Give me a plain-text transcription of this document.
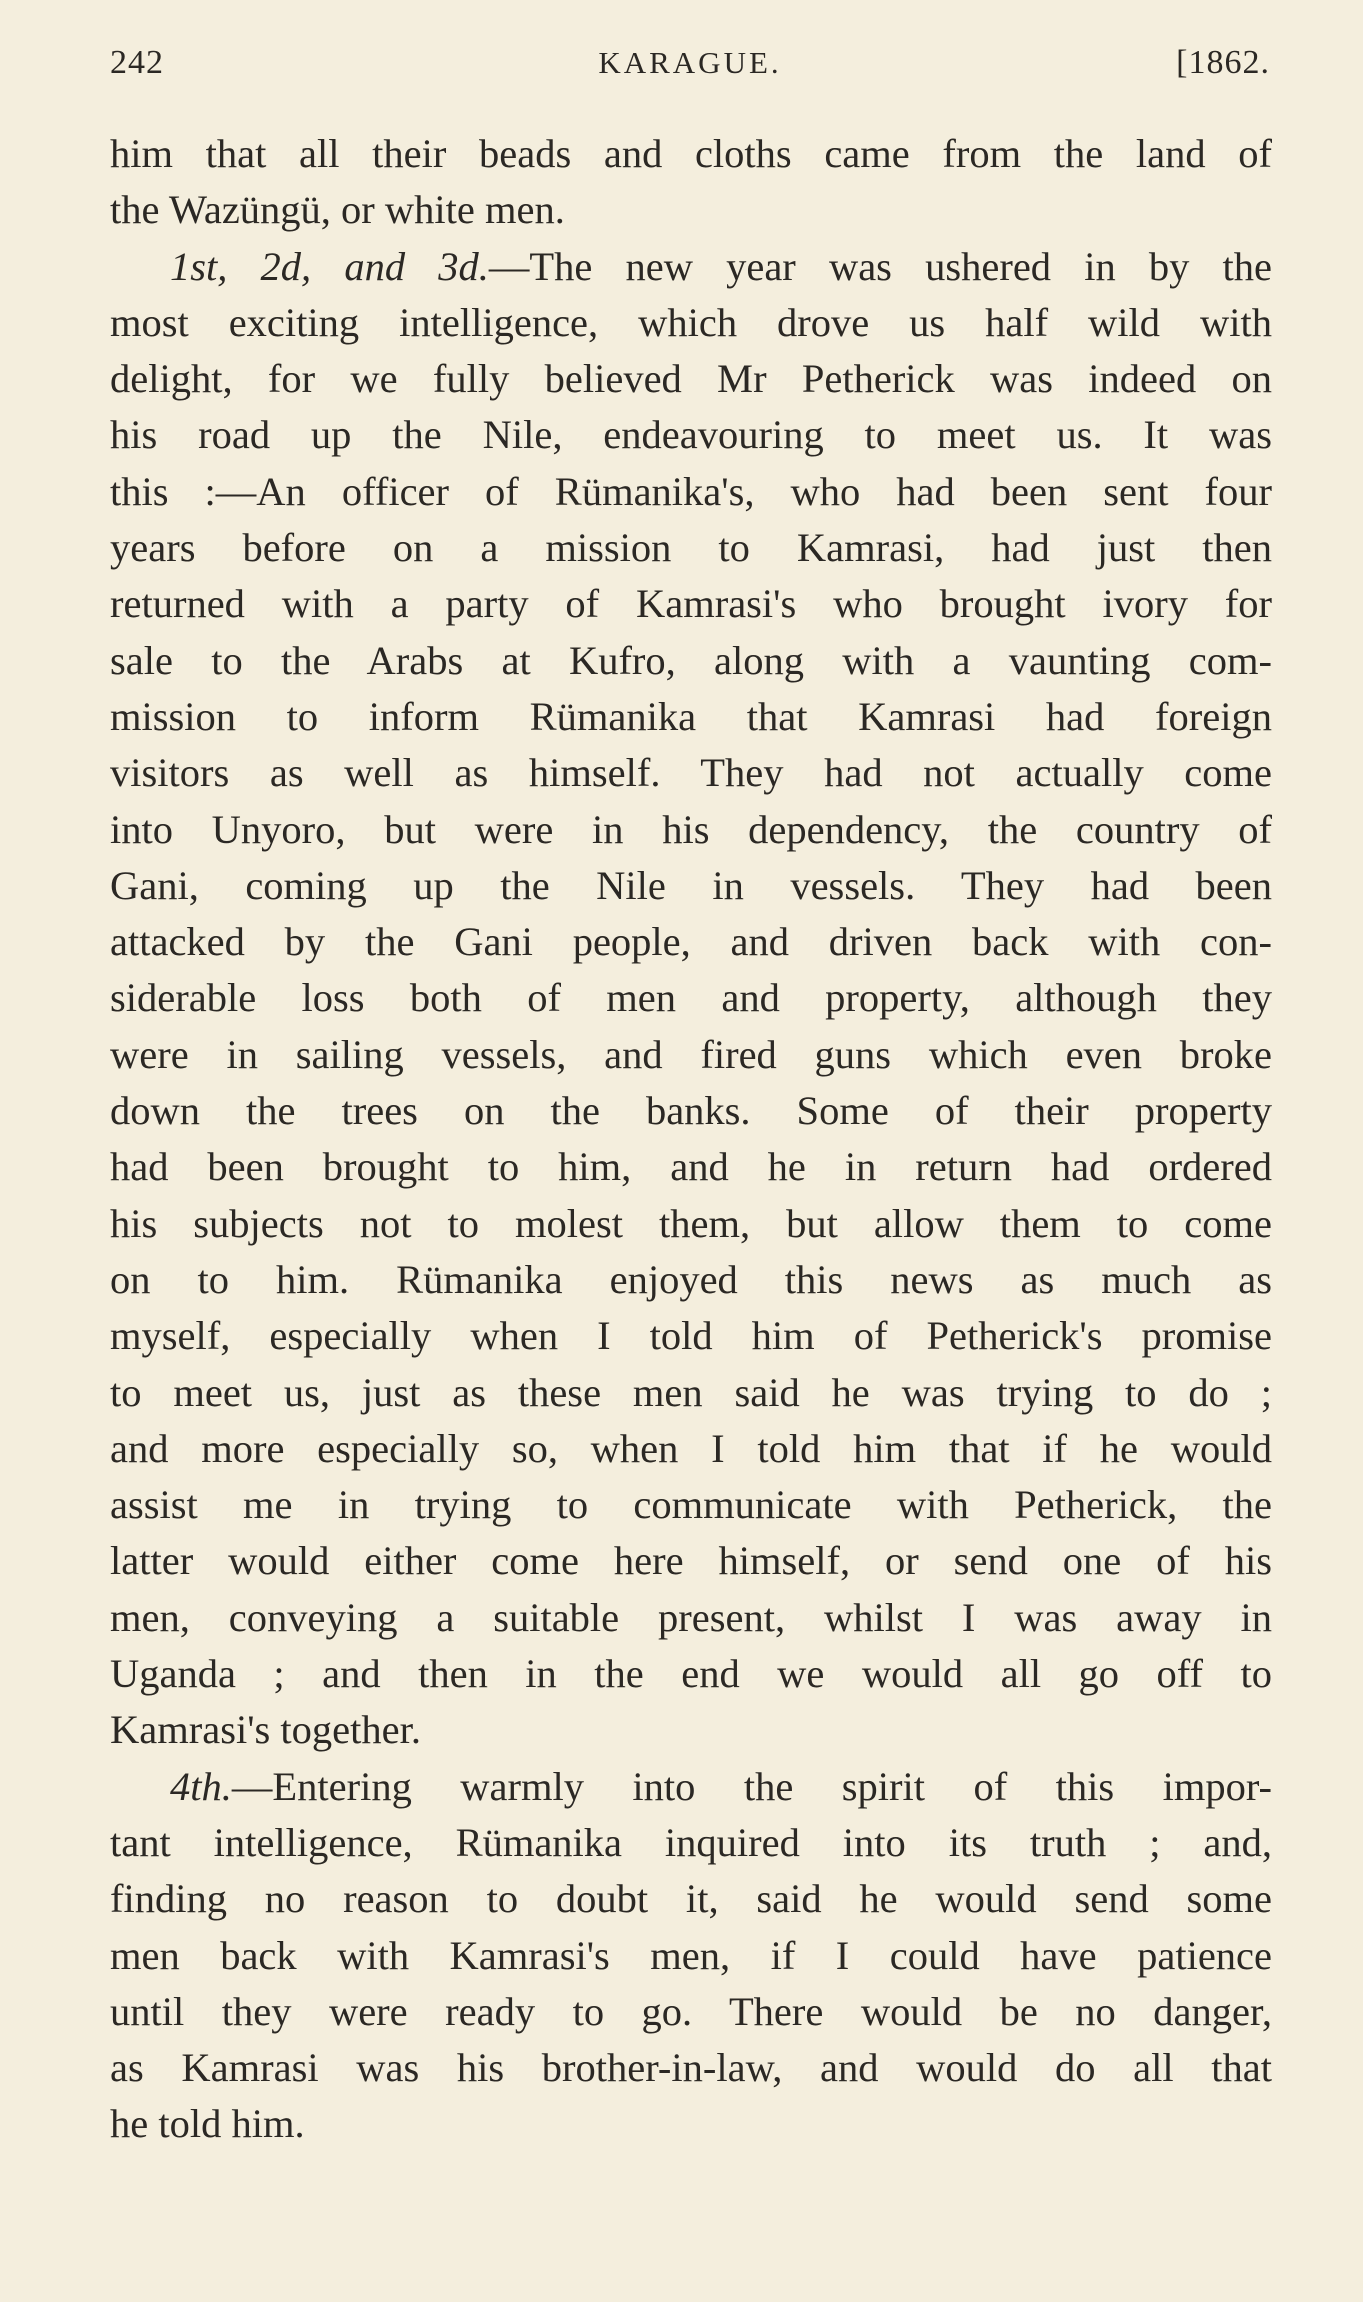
242	KARAGUE.	[1862.
him that all their beads and cloths came from the land of
the Wazüngü, or white men.
1st, 2d, and 3d.—The new year was ushered in by the
most exciting intelligence, which drove us half wild with
delight, for we fully believed Mr Petherick was indeed on
his road up the Nile, endeavouring to meet us. It was
this :—An officer of Rümanika's, who had been sent four
years before on a mission to Kamrasi, had just then
returned with a party of Kamrasi's who brought ivory for
sale to the Arabs at Kufro, along with a vaunting com-
mission to inform Rümanika that Kamrasi had foreign
visitors as well as himself. They had not actually come
into Unyoro, but were in his dependency, the country of
Gani, coming up the Nile in vessels. They had been
attacked by the Gani people, and driven back with con-
siderable loss both of men and property, although they
were in sailing vessels, and fired guns which even broke
down the trees on the banks. Some of their property
had been brought to him, and he in return had ordered
his subjects not to molest them, but allow them to come
on to him. Rümanika enjoyed this news as much as
myself, especially when I told him of Petherick's promise
to meet us, just as these men said he was trying to do ;
and more especially so, when I told him that if he would
assist me in trying to communicate with Petherick, the
latter would either come here himself, or send one of his
men, conveying a suitable present, whilst I was away in
Uganda ; and then in the end we would all go off to
Kamrasi's together.
4th.—Entering warmly into the spirit of this impor-
tant intelligence, Rümanika inquired into its truth ; and,
finding no reason to doubt it, said he would send some
men back with Kamrasi's men, if I could have patience
until they were ready to go. There would be no danger,
as Kamrasi was his brother-in-law, and would do all that
he told him.
